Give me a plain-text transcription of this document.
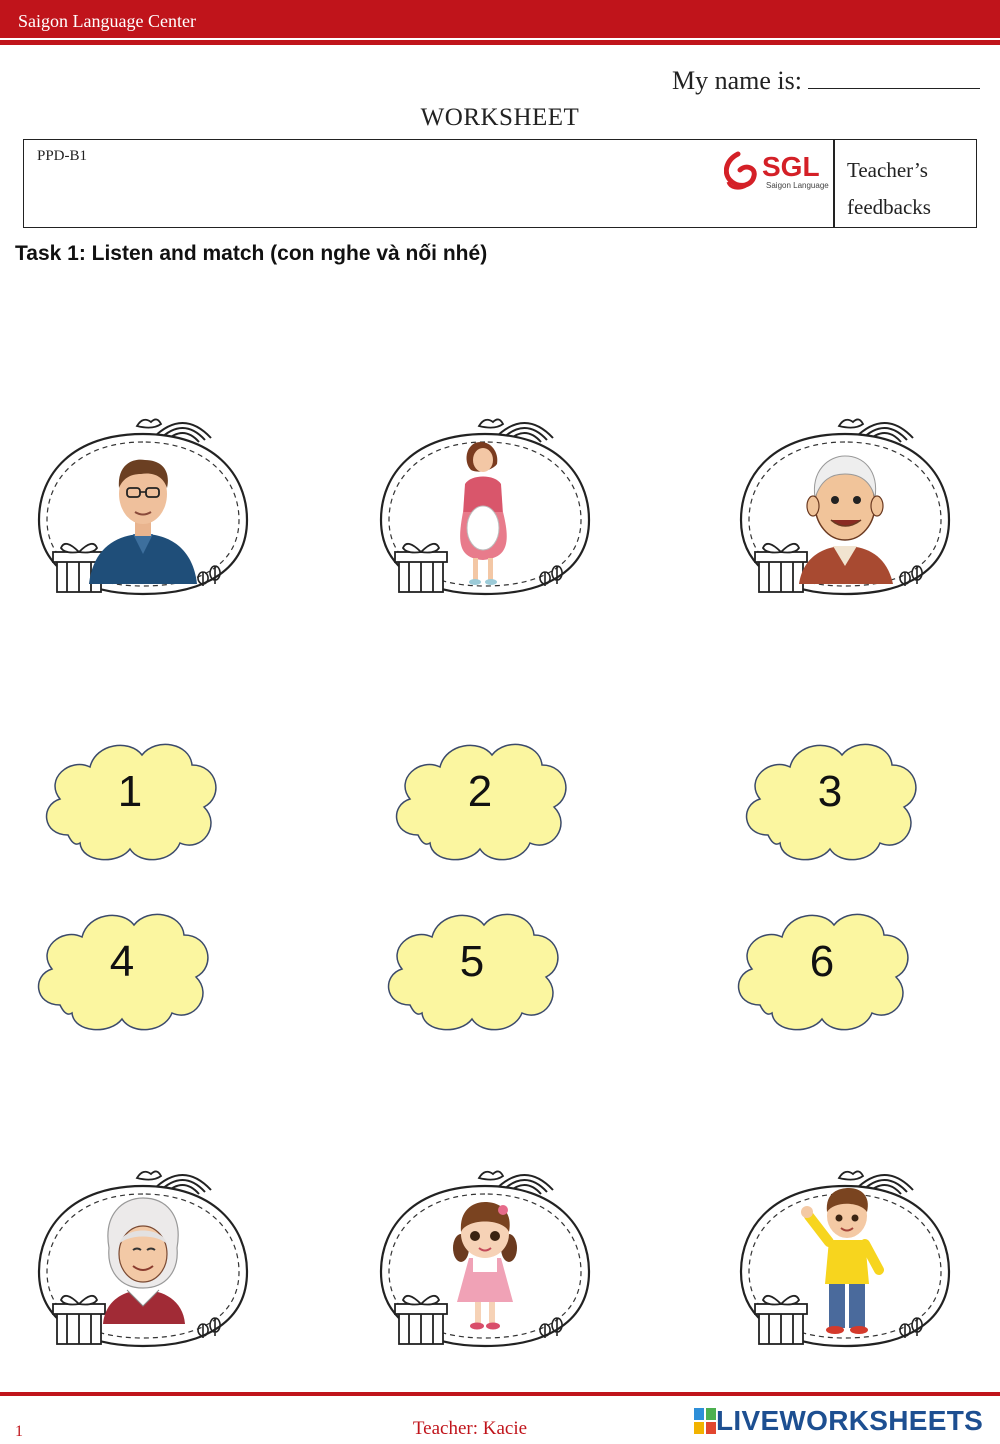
Saigon Language Center
My name is:
WORKSHEET
PPD-B1	SGL
Saigon Language
Teacher’s
feedbacks
Task 1: Listen and match (con nghe và nối nhé)
1	2	3
4	5	6
1	Teacher: Kacie	LIVEWORKSHEETS
